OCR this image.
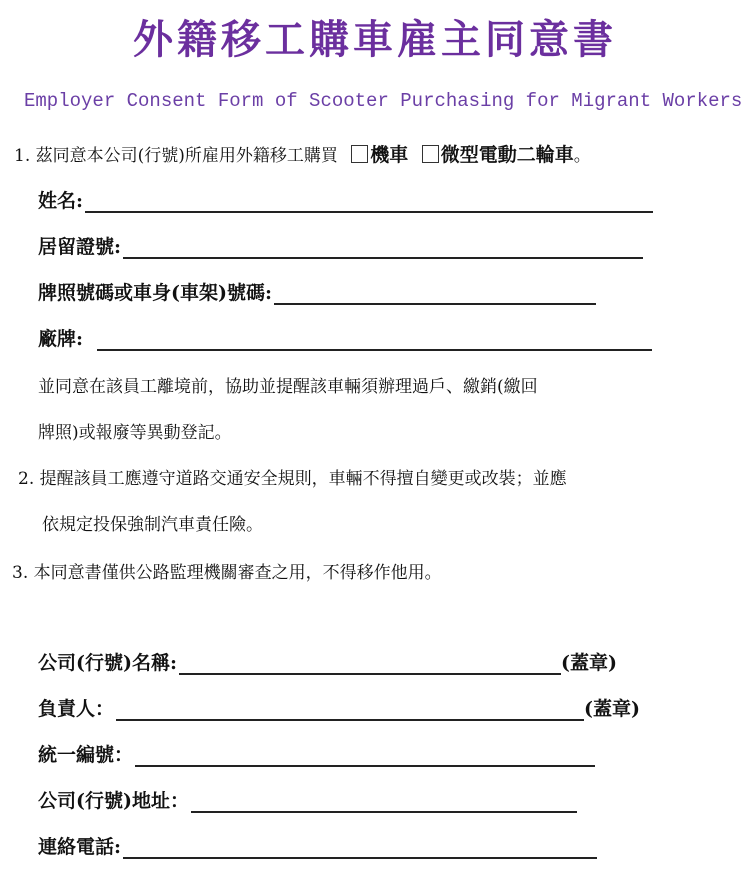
外籍移工購車雇主同意書
Employer Consent Form of Scooter Purchasing for Migrant Workers
1. 茲同意本公司(行號)所雇用外籍移工購買 機車 微型電動二輪車。
姓名:
居留證號:
牌照號碼或車身(車架)號碼:
廠牌:
並同意在該員工離境前，協助並提醒該車輛須辦理過戶、繳銷(繳回
牌照)或報廢等異動登記。
2. 提醒該員工應遵守道路交通安全規則，車輛不得擅自變更或改裝；並應
依規定投保強制汽車責任險。
3. 本同意書僅供公路監理機關審查之用，不得移作他用。
公司(行號)名稱:	(蓋章)
負責人：	(蓋章)
統一編號：
公司(行號)地址：
連絡電話:
